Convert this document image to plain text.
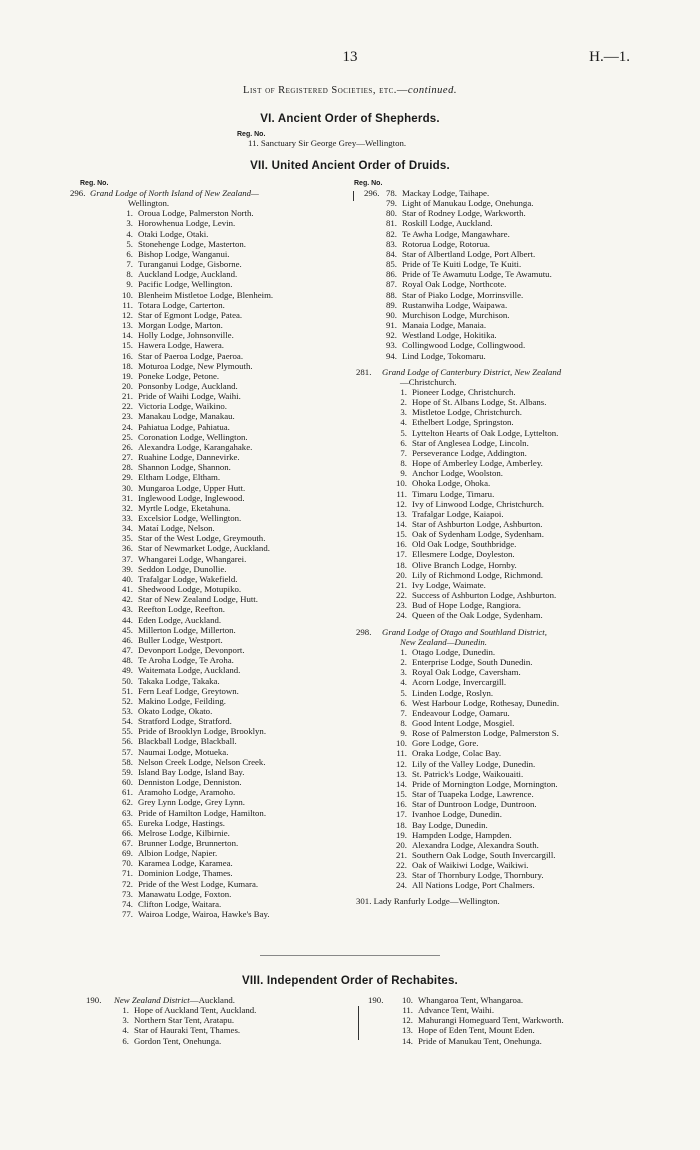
13	H.—1.
List of Registered Societies, etc.—continued.
VI. Ancient Order of Shepherds.
Reg. No.
11. Sanctuary Sir George Grey—Wellington.
VII. United Ancient Order of Druids.
Reg. No.	Reg. No.
296. Grand Lodge of North Island of New Zealand—
Wellington.
1. Oroua Lodge, Palmerston North.
3. Horowhenua Lodge, Levin.
4. Otaki Lodge, Otaki.
5. Stonehenge Lodge, Masterton.
6. Bishop Lodge, Wanganui.
7. Turanganui Lodge, Gisborne.
8. Auckland Lodge, Auckland.
9. Pacific Lodge, Wellington.
10. Blenheim Mistletoe Lodge, Blenheim.
11. Totara Lodge, Carterton.
12. Star of Egmont Lodge, Patea.
13. Morgan Lodge, Marton.
14. Holly Lodge, Johnsonville.
15. Hawera Lodge, Hawera.
16. Star of Paeroa Lodge, Paeroa.
18. Moturoa Lodge, New Plymouth.
19. Poneke Lodge, Petone.
20. Ponsonby Lodge, Auckland.
21. Pride of Waihi Lodge, Waihi.
22. Victoria Lodge, Waikino.
23. Manakau Lodge, Manakau.
24. Pahiatua Lodge, Pahiatua.
25. Coronation Lodge, Wellington.
26. Alexandra Lodge, Karangahake.
27. Ruahine Lodge, Dannevirke.
28. Shannon Lodge, Shannon.
29. Eltham Lodge, Eltham.
30. Mungaroa Lodge, Upper Hutt.
31. Inglewood Lodge, Inglewood.
32. Myrtle Lodge, Eketahuna.
33. Excelsior Lodge, Wellington.
34. Mataí Lodge, Nelson.
35. Star of the West Lodge, Greymouth.
36. Star of Newmarket Lodge, Auckland.
37. Whangarei Lodge, Whangarei.
39. Seddon Lodge, Dunollie.
40. Trafalgar Lodge, Wakefield.
41. Shedwood Lodge, Motupiko.
42. Star of New Zealand Lodge, Hutt.
43. Reefton Lodge, Reefton.
44. Eden Lodge, Auckland.
45. Millerton Lodge, Millerton.
46. Buller Lodge, Westport.
47. Devonport Lodge, Devonport.
48. Te Aroha Lodge, Te Aroha.
49. Waitemata Lodge, Auckland.
50. Takaka Lodge, Takaka.
51. Fern Leaf Lodge, Greytown.
52. Makino Lodge, Feilding.
53. Okato Lodge, Okato.
54. Stratford Lodge, Stratford.
55. Pride of Brooklyn Lodge, Brooklyn.
56. Blackball Lodge, Blackball.
57. Naumai Lodge, Motueka.
58. Nelson Creek Lodge, Nelson Creek.
59. Island Bay Lodge, Island Bay.
60. Denniston Lodge, Denniston.
61. Aramoho Lodge, Aramoho.
62. Grey Lynn Lodge, Grey Lynn.
63. Pride of Hamilton Lodge, Hamilton.
65. Eureka Lodge, Hastings.
66. Melrose Lodge, Kilbirnie.
67. Brunner Lodge, Brunnerton.
69. Albion Lodge, Napier.
70. Karamea Lodge, Karamea.
71. Dominion Lodge, Thames.
72. Pride of the West Lodge, Kumara.
73. Manawatu Lodge, Foxton.
74. Clifton Lodge, Waitara.
77. Wairoa Lodge, Wairoa, Hawke's Bay.
296. 78. Mackay Lodge, Taihape.
79. Light of Manukau Lodge, Onehunga.
80. Star of Rodney Lodge, Warkworth.
81. Roskill Lodge, Auckland.
82. Te Awha Lodge, Mangawhare.
83. Rotorua Lodge, Rotorua.
84. Star of Albertland Lodge, Port Albert.
85. Pride of Te Kuiti Lodge, Te Kuiti.
86. Pride of Te Awamutu Lodge, Te Awamutu.
87. Royal Oak Lodge, Northcote.
88. Star of Piako Lodge, Morrinsville.
89. Rustanwiha Lodge, Waipawa.
90. Murchison Lodge, Murchison.
91. Manaia Lodge, Manaia.
92. Westland Lodge, Hokitika.
93. Collingwood Lodge, Collingwood.
94. Lind Lodge, Tokomaru.
281.	Grand Lodge of Canterbury District, New Zealand
—Christchurch.
1. Pioneer Lodge, Christchurch.
2. Hope of St. Albans Lodge, St. Albans.
3. Mistletoe Lodge, Christchurch.
4. Ethelbert Lodge, Springston.
5. Lyttelton Hearts of Oak Lodge, Lyttelton.
6. Star of Anglesea Lodge, Lincoln.
7. Perseverance Lodge, Addington.
8. Hope of Amberley Lodge, Amberley.
9. Anchor Lodge, Woolston.
10. Ohoka Lodge, Ohoka.
11. Timaru Lodge, Timaru.
12. Ivy of Linwood Lodge, Christchurch.
13. Trafalgar Lodge, Kaiapoi.
14. Star of Ashburton Lodge, Ashburton.
15. Oak of Sydenham Lodge, Sydenham.
16. Old Oak Lodge, Southbridge.
17. Ellesmere Lodge, Doyleston.
18. Olive Branch Lodge, Hornby.
20. Lily of Richmond Lodge, Richmond.
21. Ivy Lodge, Waimate.
22. Success of Ashburton Lodge, Ashburton.
23. Bud of Hope Lodge, Rangiora.
24. Queen of the Oak Lodge, Sydenham.
298.	Grand Lodge of Otago and Southland District,
New Zealand—Dunedin.
1. Otago Lodge, Dunedin.
2. Enterprise Lodge, South Dunedin.
3. Royal Oak Lodge, Caversham.
4. Acorn Lodge, Invercargill.
5. Linden Lodge, Roslyn.
6. West Harbour Lodge, Rothesay, Dunedin.
7. Endeavour Lodge, Oamaru.
8. Good Intent Lodge, Mosgiel.
9. Rose of Palmerston Lodge, Palmerston S.
10. Gore Lodge, Gore.
11. Oraka Lodge, Colac Bay.
12. Lily of the Valley Lodge, Dunedin.
13. St. Patrick's Lodge, Waikouaiti.
14. Pride of Mornington Lodge, Mornington.
15. Star of Tuapeka Lodge, Lawrence.
16. Star of Duntroon Lodge, Duntroon.
17. Ivanhoe Lodge, Dunedin.
18. Bay Lodge, Dunedin.
19. Hampden Lodge, Hampden.
20. Alexandra Lodge, Alexandra South.
21. Southern Oak Lodge, South Invercargill.
22. Oak of Waikiwi Lodge, Waikiwi.
23. Star of Thornbury Lodge, Thornbury.
24. All Nations Lodge, Port Chalmers.
301. Lady Ranfurly Lodge—Wellington.
VIII. Independent Order of Rechabites.
190.	New Zealand District—Auckland.
1. Hope of Auckland Tent, Auckland.
3. Northern Star Tent, Aratapu.
4. Star of Hauraki Tent, Thames.
6. Gordon Tent, Onehunga.
190.	10. Whangaroa Tent, Whangaroa.
11. Advance Tent, Waihi.
12. Mahurangi Homeguard Tent, Warkworth.
13. Hope of Eden Tent, Mount Eden.
14. Pride of Manukau Tent, Onehunga.
